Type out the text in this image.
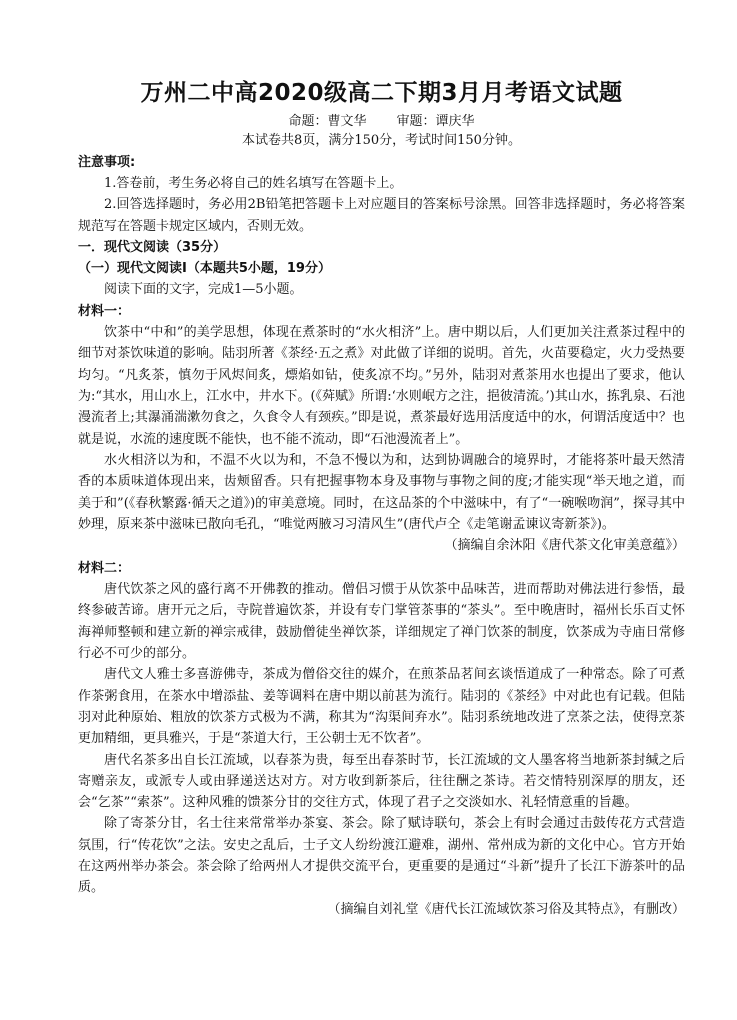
万州二中高2020级高二下期3月月考语文试题
命题：曹文华 审题：谭庆华
本试卷共8页，满分150分，考试时间150分钟。
注意事项:

1.答卷前，考生务必将自己的姓名填写在答题卡上。

2.回答选择题时，务必用2B铅笔把答题卡上对应题目的答案标号涂黑。回答非选择题时，务必将答案规范写在答题卡规定区域内，否则无效。

一．现代文阅读（35分）
（一）现代文阅读Ⅰ（本题共5小题，19分）

阅读下面的文字，完成1—5小题。

材料一：

饮茶中“中和”的美学思想，体现在煮茶时的“水火相济”上。唐中期以后，人们更加关注煮茶过程中的细节对茶饮味道的影响。陆羽所著《茶经·五之煮》对此做了详细的说明。首先，火苗要稳定，火力受热要均匀。“凡炙茶，慎勿于风烬间炙，熛焰如钻，使炙凉不均。”另外，陆羽对煮茶用水也提出了要求，他认为:“其水，用山水上，江水中，井水下。(《荈赋》所谓:‘水则岷方之注，挹彼清流。’)其山水，拣乳泉、石池漫流者上;其瀑涌湍漱勿食之，久食令人有颈疾。”即是说，煮茶最好选用活度适中的水，何谓活度适中？也就是说，水流的速度既不能快，也不能不流动，即“石池漫流者上”。

水火相济以为和，不温不火以为和，不急不慢以为和，达到协调融合的境界时，才能将茶叶最天然清香的本质味道体现出来，齿颊留香。只有把握事物本身及事物与事物之间的度;才能实现“举天地之道，而美于和”(《春秋繁露·循天之道》)的审美意境。同时，在这品茶的个中滋味中，有了“一碗喉吻润”，探寻其中妙理，原来茶中滋味已散向毛孔，“唯觉两腋习习清风生”(唐代卢仝《走笔谢孟谏议寄新茶》)。

（摘编自余沐阳《唐代茶文化审美意蕴》）
材料二：

唐代饮茶之风的盛行离不开佛教的推动。僧侣习惯于从饮茶中品味苦，进而帮助对佛法进行参悟，最终参破苦谛。唐开元之后，寺院普遍饮茶，并设有专门掌管茶事的“茶头”。至中晚唐时，福州长乐百丈怀海禅师整顿和建立新的禅宗戒律，鼓励僧徒坐禅饮茶，详细规定了禅门饮茶的制度，饮茶成为寺庙日常修行必不可少的部分。

唐代文人雅士多喜游佛寺，茶成为僧俗交往的媒介，在煎茶品茗间玄谈悟道成了一种常态。除了可煮作茶粥食用，在茶水中增添盐、姜等调料在唐中期以前甚为流行。陆羽的《茶经》中对此也有记载。但陆羽对此种原始、粗放的饮茶方式极为不满，称其为“沟渠间弃水”。陆羽系统地改进了烹茶之法，使得烹茶更加精细，更具雅兴，于是“茶道大行，王公朝士无不饮者”。

唐代名茶多出自长江流域，以春茶为贵，每至出春茶时节，长江流域的文人墨客将当地新茶封缄之后寄赠亲友，或派专人或由驿递送达对方。对方收到新茶后，往往酬之茶诗。若交情特别深厚的朋友，还会“乞茶”“索茶”。这种风雅的馈茶分甘的交往方式，体现了君子之交淡如水、礼轻情意重的旨趣。

除了寄茶分甘，名士往来常常举办茶宴、茶会。除了赋诗联句，茶会上有时会通过击鼓传花方式营造氛围，行“传花饮”之法。安史之乱后，士子文人纷纷渡江避难，湖州、常州成为新的文化中心。官方开始在这两州举办茶会。茶会除了给两州人才提供交流平台，更重要的是通过“斗新”提升了长江下游茶叶的品质。

（摘编自刘礼堂《唐代长江流域饮茶习俗及其特点》，有删改）
